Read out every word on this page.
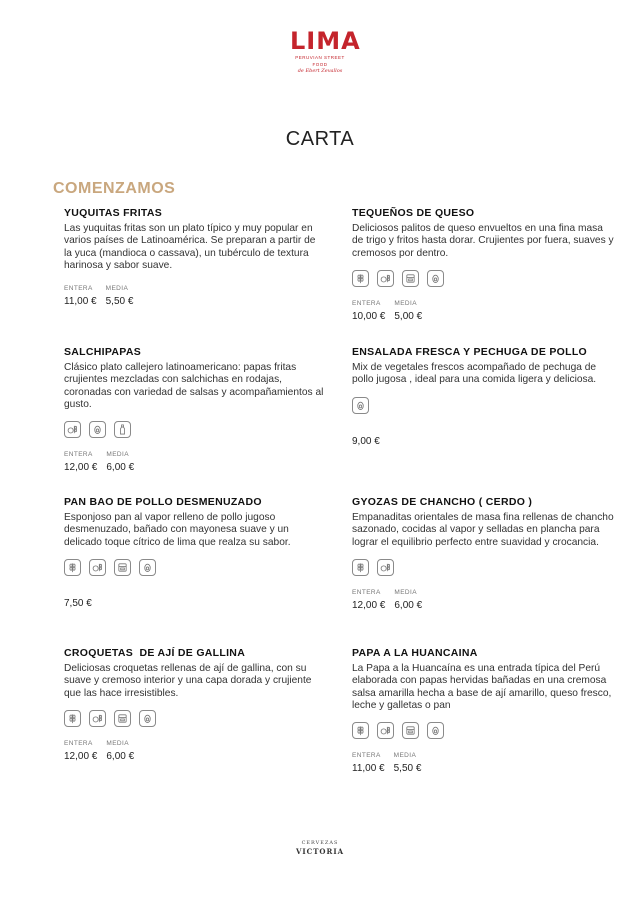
LIMA
PERUVIAN STREET FOOD
de Ebert Zevallos
CARTA
COMENZAMOS
YUQUITAS FRITAS
Las yuquitas fritas son un plato típico y muy popular en varios países de Latinoamérica. Se preparan a partir de la yuca (mandioca o cassava), un tubérculo de textura harinosa y sabor suave.
ENTERA
11,00 €
MEDIA
5,50 €
TEQUEÑOS DE QUESO
Deliciosos palitos de queso envueltos en una fina masa de trigo y fritos hasta dorar. Crujientes por fuera, suaves y cremosos por dentro.
ENTERA
10,00 €
MEDIA
5,00 €
SALCHIPAPAS
Clásico plato callejero latinoamericano: papas fritas crujientes mezcladas con salchichas en rodajas, coronadas con variedad de salsas y acompañamientos al gusto.
ENTERA
12,00 €
MEDIA
6,00 €
ENSALADA FRESCA Y PECHUGA DE POLLO
Mix de vegetales frescos acompañado de pechuga de pollo jugosa , ideal para una comida ligera y deliciosa.
9,00 €
PAN BAO DE POLLO DESMENUZADO
Esponjoso pan al vapor relleno de pollo jugoso desmenuzado, bañado con mayonesa suave y un delicado toque cítrico de lima que realza su sabor.
7,50 €
GYOZAS DE CHANCHO ( CERDO )
Empanaditas orientales de masa fina rellenas de chancho sazonado, cocidas al vapor y selladas en plancha para lograr el equilibrio perfecto entre suavidad y crocancia.
ENTERA
12,00 €
MEDIA
6,00 €
CROQUETAS  DE AJÍ DE GALLINA
Deliciosas croquetas rellenas de ají de gallina, con su suave y cremoso interior y una capa dorada y crujiente que las hace irresistibles.
ENTERA
12,00 €
MEDIA
6,00 €
PAPA A LA HUANCAINA
La Papa a la Huancaína es una entrada típica del Perú elaborada con papas hervidas bañadas en una cremosa salsa amarilla hecha a base de ají amarillo, queso fresco, leche y galletas o pan
ENTERA
11,00 €
MEDIA
5,50 €
CERVEZAS
VICTORIA
